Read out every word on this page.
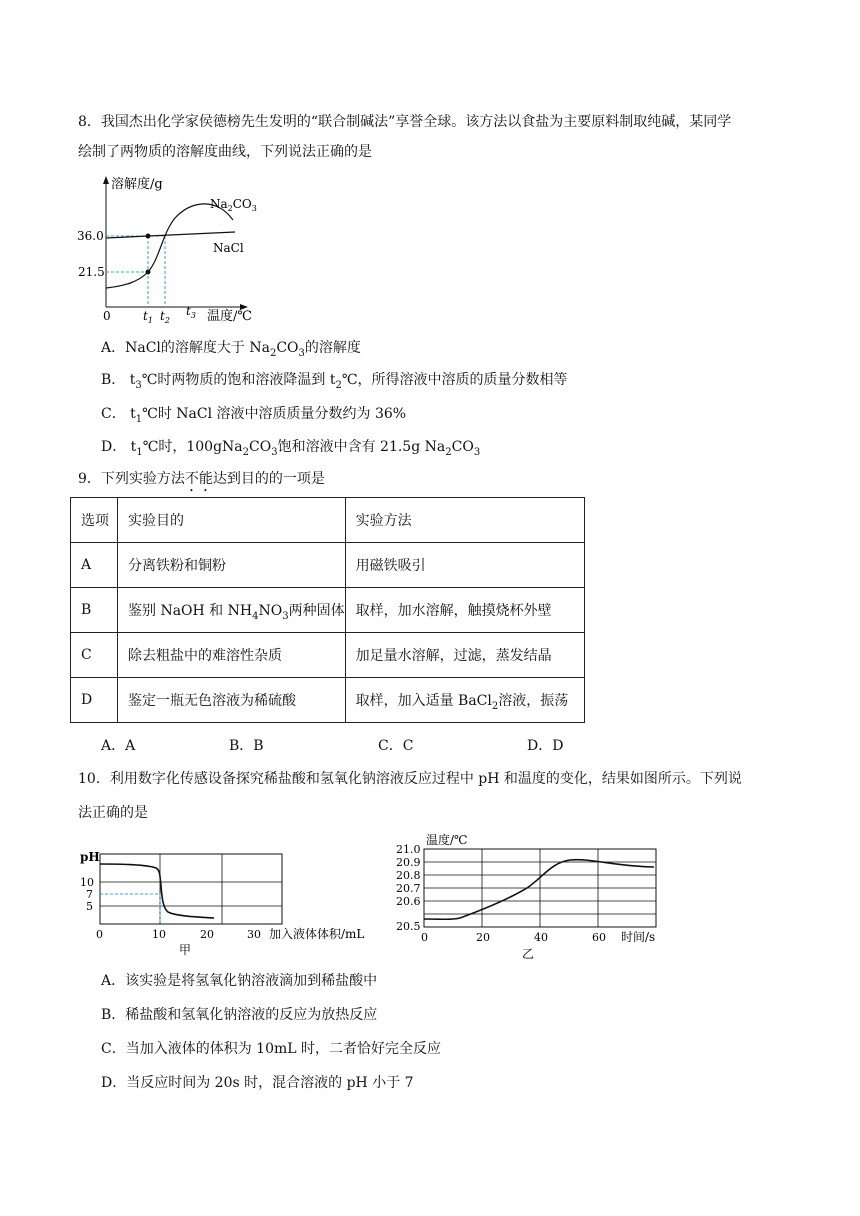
8．我国杰出化学家侯德榜先生发明的“联合制碱法”享誉全球。该方法以食盐为主要原料制取纯碱，某同学
绘制了两物质的溶解度曲线，下列说法正确的是
溶解度/g
温度/℃
0
36.0
21.5
$t_1$ $t_2$
$t_3$
$Na_2CO_3$
NaCl
A．NaCl的溶解度大于 $Na_2CO_3$的溶解度
B． $t_3℃$时两物质的饱和溶液降温到 $t_2℃$，所得溶液中溶质的质量分数相等
C． $t_1℃$时 NaCl 溶液中溶质质量分数约为 36%
D． $t_1℃$时，$100gNa_2CO_3$饱和溶液中含有 21.5g $Na_2CO_3$
9．下列实验方法不能达到目的的一项是
选项	实验目的	实验方法
A	分离铁粉和铜粉	用磁铁吸引
B	鉴别 NaOH 和 $NH_4NO_3$两种固体	取样，加水溶解，触摸烧杯外壁
C	除去粗盐中的难溶性杂质	加足量水溶解，过滤，蒸发结晶
D	鉴定一瓶无色溶液为稀硫酸	取样，加入适量 BaCl$_2$溶液，振荡
A．A	B．B	C．C	D．D
10．利用数字化传感设备探究稀盐酸和氢氧化钠溶液反应过程中 pH 和温度的变化，结果如图所示。下列说
法正确的是
pH
10
7
5
0	10	20	30 加入液体体积/mL
甲
温度/℃
21.0
20.9
20.8
20.7
20.6
20.5
0	20	40	60 时间/s
乙
A．该实验是将氢氧化钠溶液滴加到稀盐酸中
B．稀盐酸和氢氧化钠溶液的反应为放热反应
C．当加入液体的体积为 10mL 时，二者恰好完全反应
D．当反应时间为 20s 时，混合溶液的 pH 小于 7
